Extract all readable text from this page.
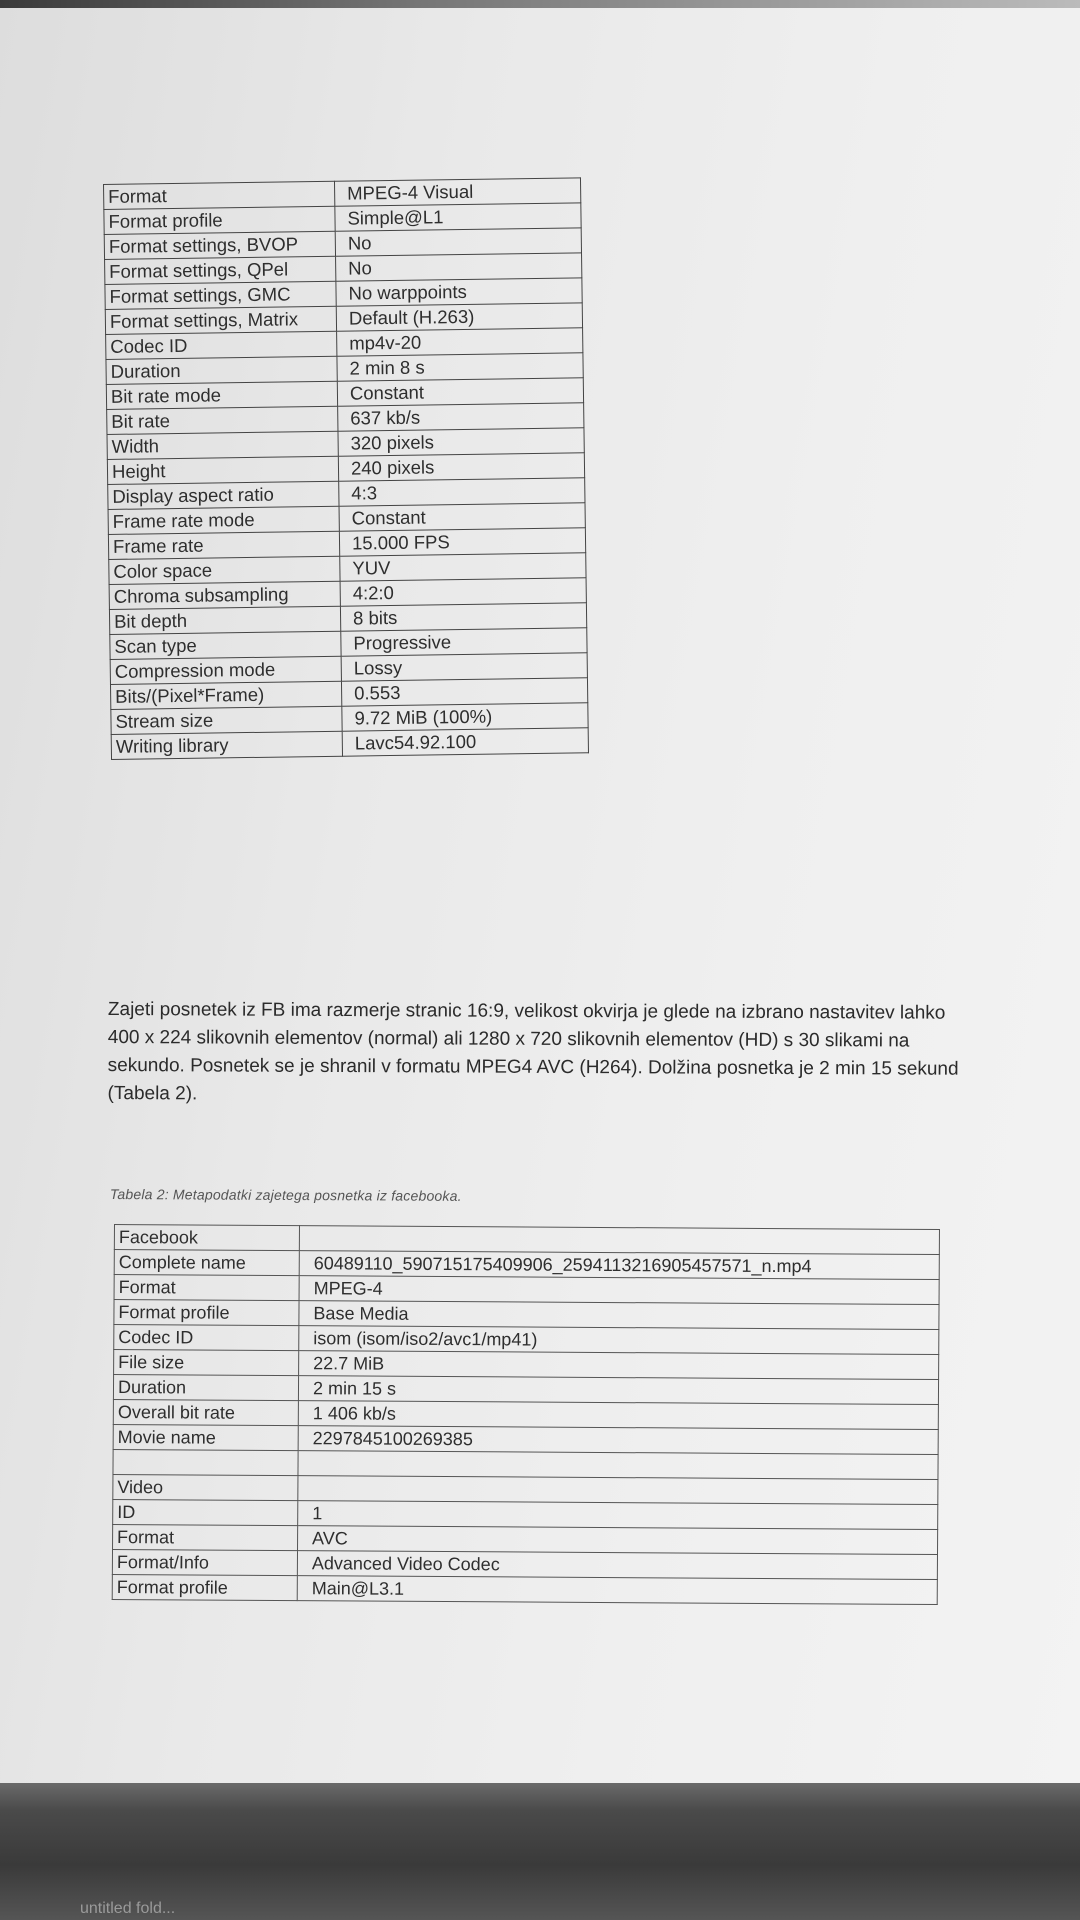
Format	MPEG-4 Visual
Format profile	Simple@L1
Format settings, BVOP	No
Format settings, QPel	No
Format settings, GMC	No warppoints
Format settings, Matrix	Default (H.263)
Codec ID	mp4v-20
Duration	2 min 8 s
Bit rate mode	Constant
Bit rate	637 kb/s
Width	320 pixels
Height	240 pixels
Display aspect ratio	4:3
Frame rate mode	Constant
Frame rate	15.000 FPS
Color space	YUV
Chroma subsampling	4:2:0
Bit depth	8 bits
Scan type	Progressive
Compression mode	Lossy
Bits/(Pixel*Frame)	0.553
Stream size	9.72 MiB (100%)
Writing library	Lavc54.92.100
Zajeti posnetek iz FB ima razmerje stranic 16:9, velikost okvirja je glede na izbrano nastavitev lahko
400 x 224 slikovnih elementov (normal) ali 1280 x 720 slikovnih elementov (HD) s 30 slikami na
sekundo. Posnetek se je shranil v formatu MPEG4 AVC (H264). Dolžina posnetka je 2 min 15 sekund
(Tabela 2).
Tabela 2: Metapodatki zajetega posnetka iz facebooka.
Facebook	
Complete name	60489110_590715175409906_2594113216905457571_n.mp4
Format	MPEG-4
Format profile	Base Media
Codec ID	isom (isom/iso2/avc1/mp41)
File size	22.7 MiB
Duration	2 min 15 s
Overall bit rate	1 406 kb/s
Movie name	2297845100269385

Video	
ID	1
Format	AVC
Format/Info	Advanced Video Codec
Format profile	Main@L3.1
untitled fold...
